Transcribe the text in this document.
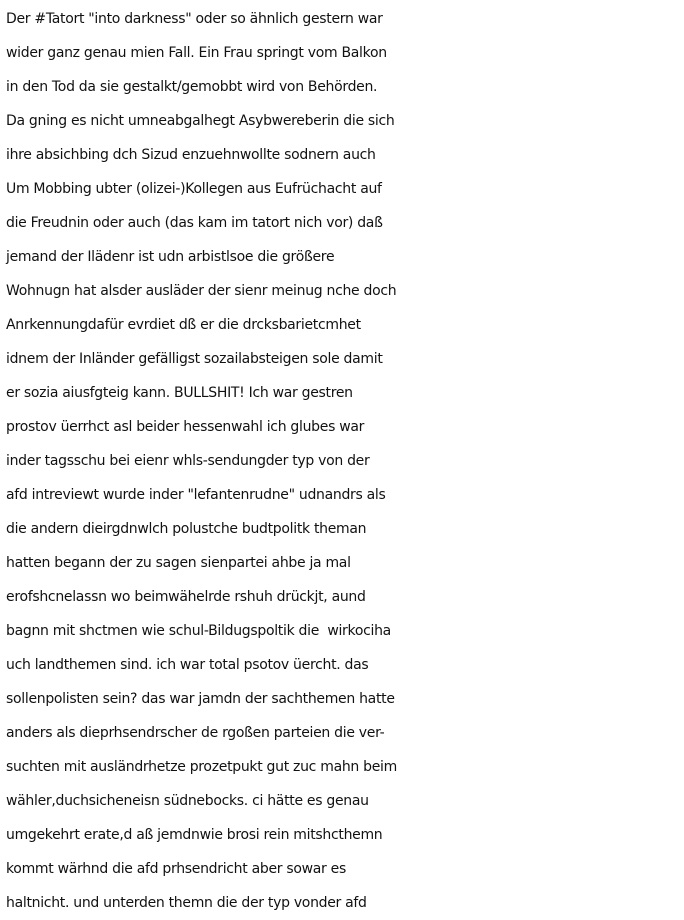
Der #Tatort "into darkness" oder so ähnlich gestern war
wider ganz genau mien Fall. Ein Frau springt vom Balkon
in den Tod da sie gestalkt/gemobbt wird von Behörden.
Da gning es nicht umneabgalhegt Asybwereberin die sich
ihre absichbing dch Sizud enzuehnwollte sodnern auch
Um Mobbing ubter (olizei-)Kollegen aus Eufrüchacht auf
die Freudnin oder auch (das kam im tatort nich vor) daß
jemand der Ilädenr ist udn arbistlsoe die größere
Wohnugn hat alsder ausläder der sienr meinug nche doch
Anrkennungdafür evrdiet dß er die drcksbarietcmhet
idnem der Inländer gefälligst sozailabsteigen sole damit
er sozia aiusfgteig kann. BULLSHIT! Ich war gestren
prostov üerrhct asl beider hessenwahl ich glubes war
inder tagsschu bei eienr whls-sendungder typ von der
afd intreviewt wurde inder "lefantenrudne" udnandrs als
die andern dieirgdnwlch polustche budtpolitk theman
hatten begann der zu sagen sienpartei ahbe ja mal
erofshcnelassn wo beimwähelrde rshuh drückjt, aund
bagnn mit shctmen wie schul-Bildugspoltik die  wirkociha
uch landthemen sind. ich war total psotov üercht. das
sollenpolisten sein? das war jamdn der sachthemen hatte
anders als dieprhsendrscher de rgoßen parteien die ver-
suchten mit ausländrhetze prozetpukt gut zuc mahn beim
wähler,duchsicheneisn südnebocks. ci hätte es genau
umgekehrt erate,d aß jemdnwie brosi rein mitshcthemn
kommt wärhnd die afd prhsendricht aber sowar es
haltnicht. und unterden themn die der typ vonder afd
